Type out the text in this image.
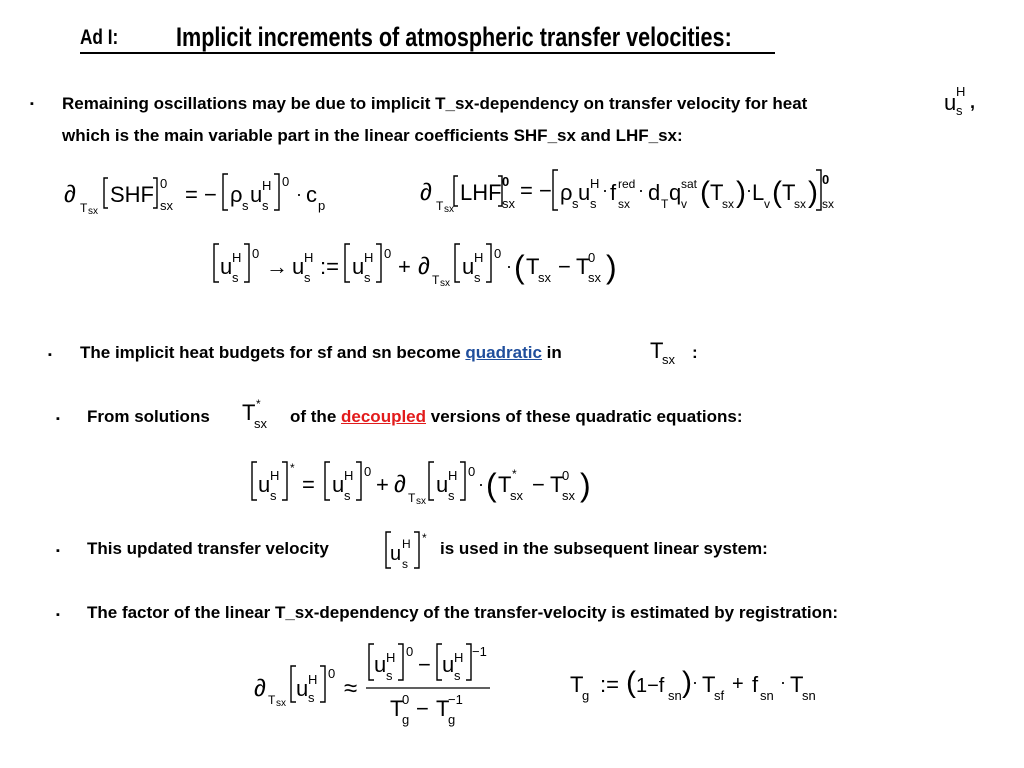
Ad I: Implicit increments of atmospheric transfer velocities:
▪ Remaining oscillations may be due to implicit T_sx-dependency on transfer velocity for heat	u H
s ,
which is the main variable part in the linear coefficients SHF_sx and LHF_sx:
∂ T sx
SHF 0
sx = − ρ s u H
s
0
· c p	∂ T sx
LHF 0
sx
= − ρ s u H
s
· f red
sx
· d T q sat
v ( T
sx ) · L v ( T
sx ) 0
sx
u H
s
0
→ u H
s := u H
s
0
+ ∂ T sx
u H
s
0
· ( T
sx − T
0
sx )
▪ The implicit heat budgets for sf and sn become quadratic in	T
sx :
▪ From solutions T *
sx of the decoupled versions of these quadratic equations:
u H
s
*
= u H
s
0
+ ∂ T sx
u H
s
0
· ( T *
sx − T
0
sx )
▪ This updated transfer velocity	u H
s
*
is used in the subsequent linear system:
▪ The factor of the linear T_sx-dependency of the transfer-velocity is estimated by registration:
∂ T sx
u H
s
0
≈
u H
s
0
− u H
s
−1
T
0
g − T
−1
g
T
g := ( 1−f sn ) · T
sf
+ f sn
· T
sn
